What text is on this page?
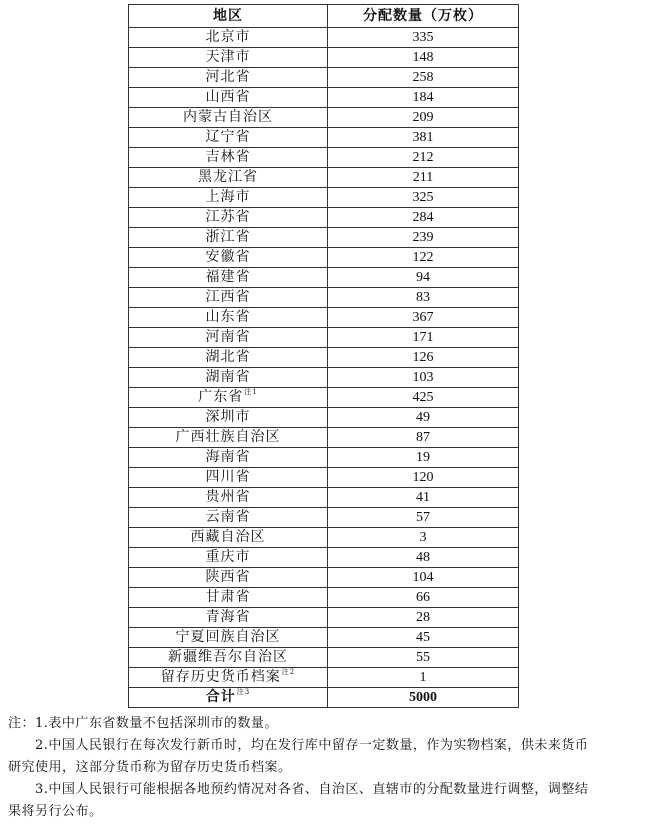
地区	分配数量（万枚）
北京市	335
天津市	148
河北省	258
山西省	184
内蒙古自治区	209
辽宁省	381
吉林省	212
黑龙江省	211
上海市	325
江苏省	284
浙江省	239
安徽省	122
福建省	94
江西省	83
山东省	367
河南省	171
湖北省	126
湖南省	103
广东省$^{注1}$	425
深圳市	49
广西壮族自治区	87
海南省	19
四川省	120
贵州省	41
云南省	57
西藏自治区	3
重庆市	48
陕西省	104
甘肃省	66
青海省	28
宁夏回族自治区	45
新疆维吾尔自治区	55
留存历史货币档案$^{注2}$	1
合计$^{注3}$	5000
注：1.表中广东省数量不包括深圳市的数量。
2.中国人民银行在每次发行新币时，均在发行库中留存一定数量，作为实物档案，供未来货币
研究使用，这部分货币称为留存历史货币档案。
3.中国人民银行可能根据各地预约情况对各省、自治区、直辖市的分配数量进行调整，调整结
果将另行公布。
